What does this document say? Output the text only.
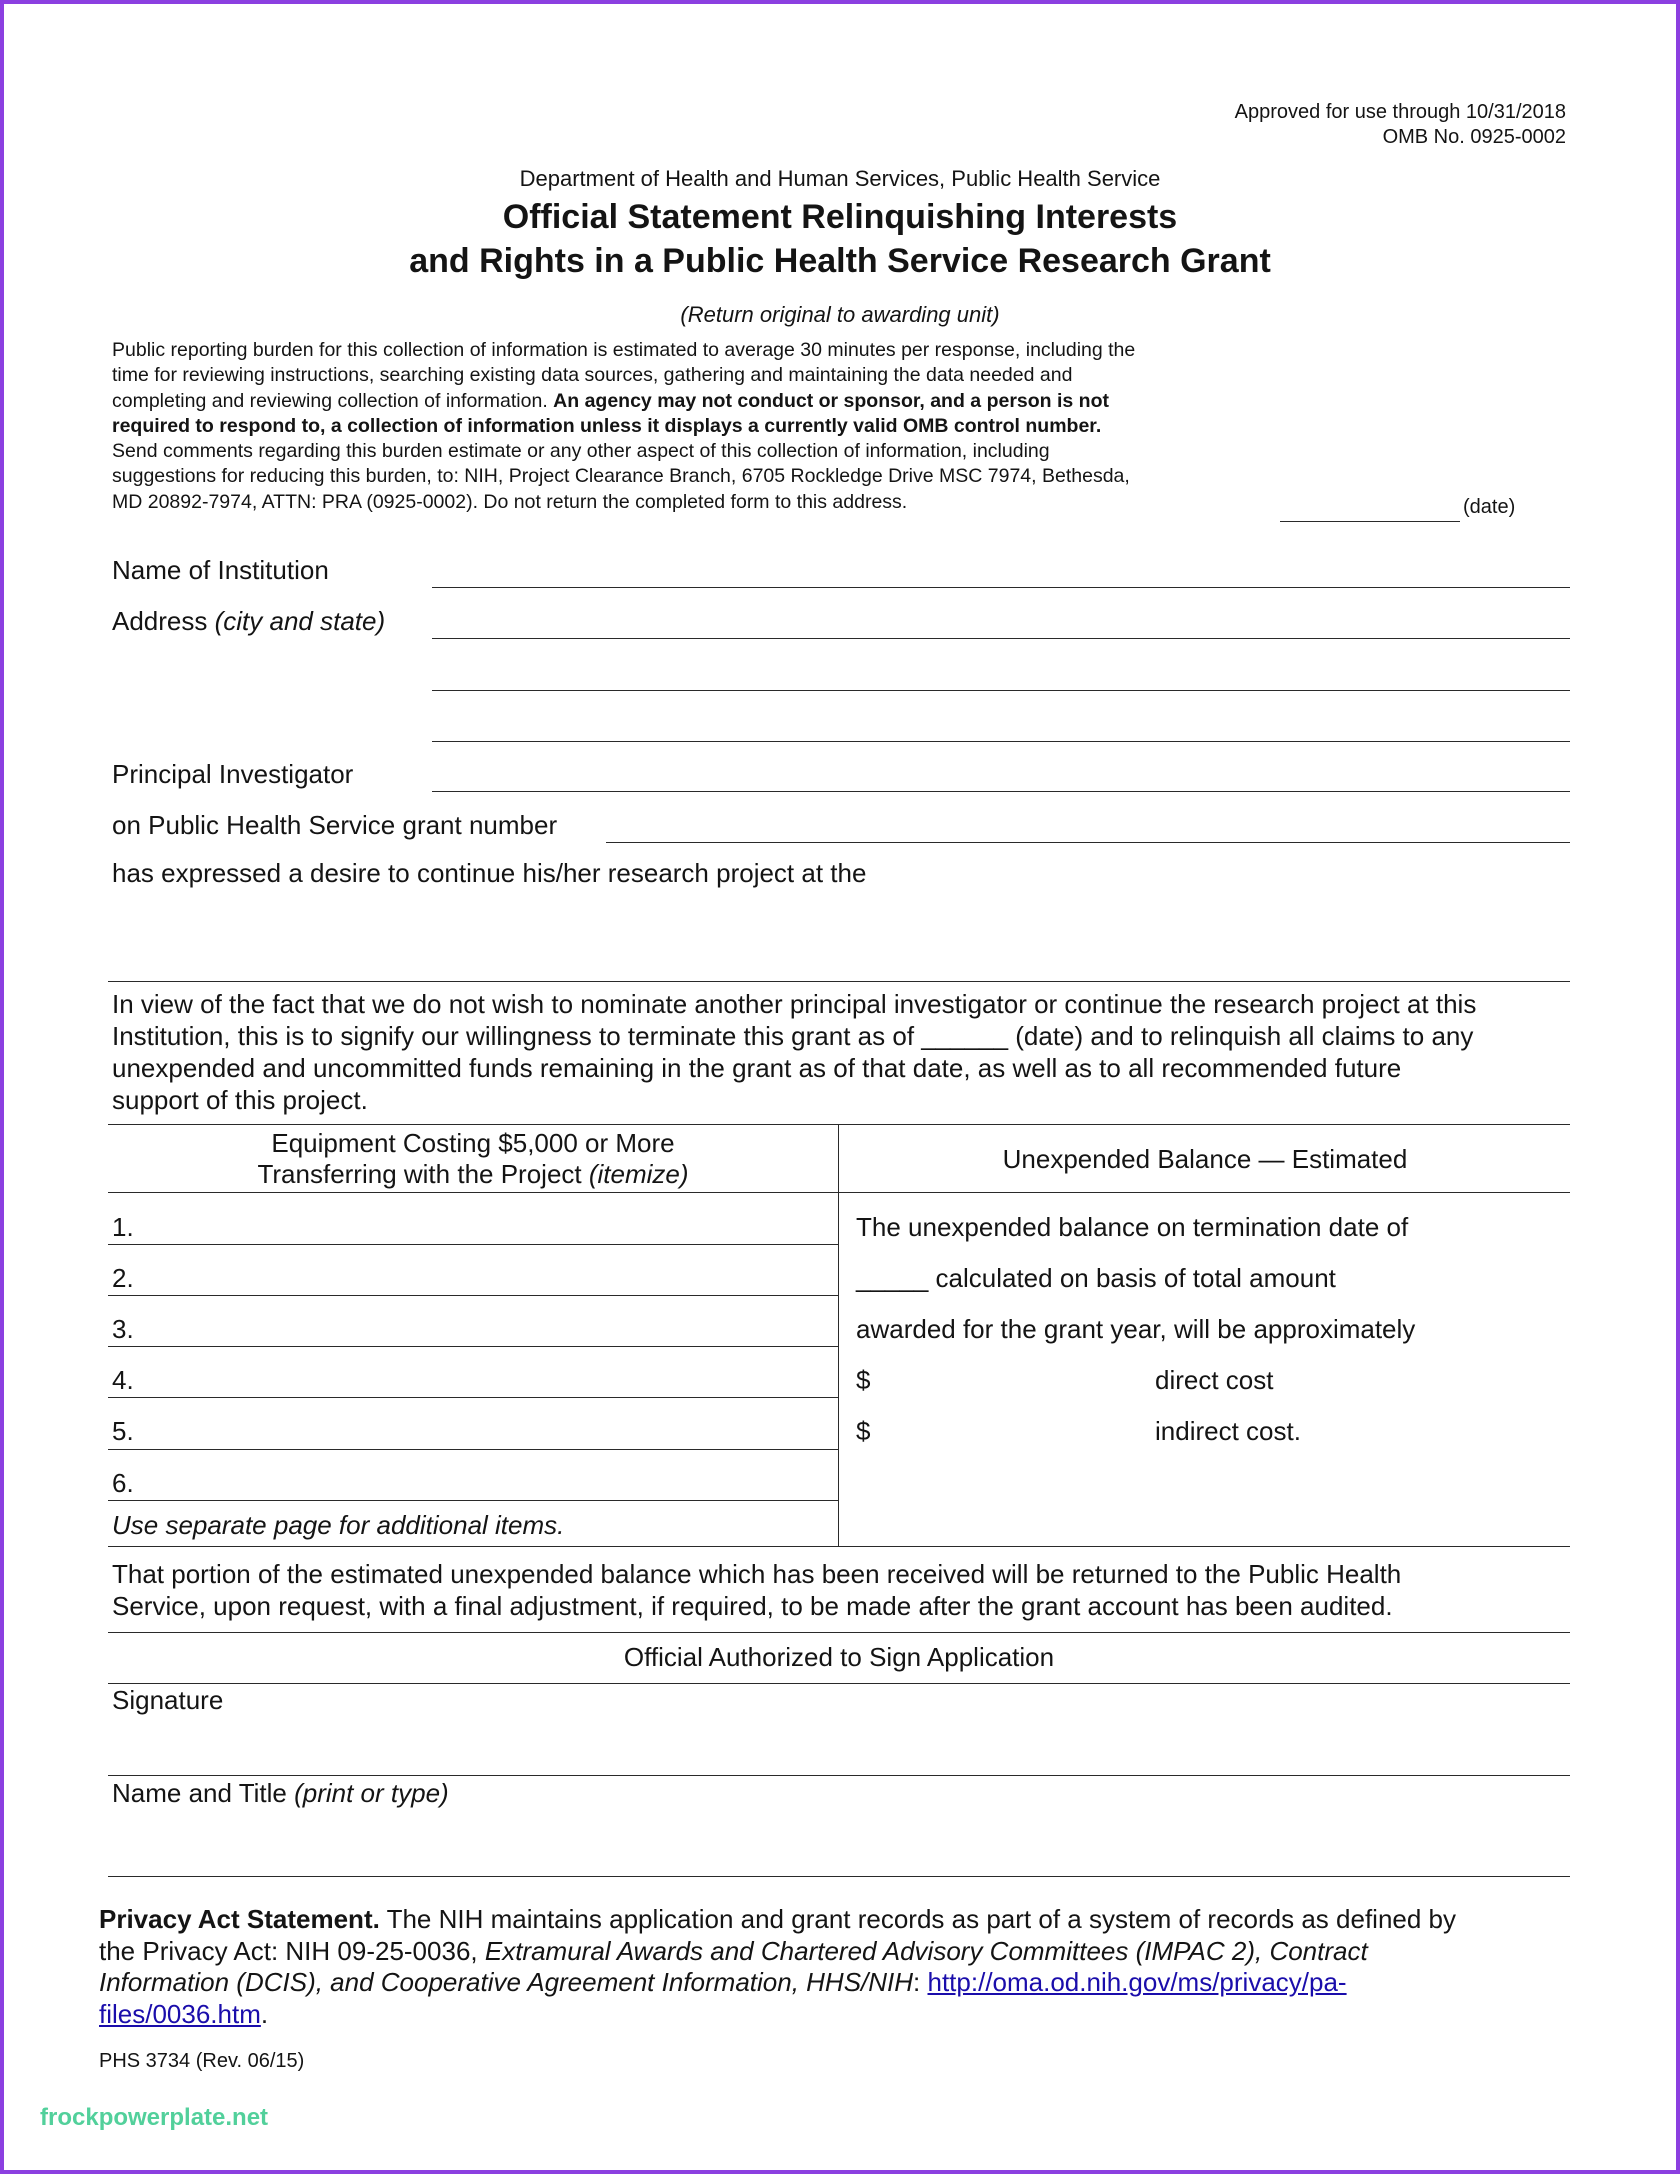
Approved for use through 10/31/2018
OMB No. 0925-0002
Department of Health and Human Services, Public Health Service
Official Statement Relinquishing Interests
and Rights in a Public Health Service Research Grant
(Return original to awarding unit)
Public reporting burden for this collection of information is estimated to average 30 minutes per response, including the
time for reviewing instructions, searching existing data sources, gathering and maintaining the data needed and
completing and reviewing collection of information. An agency may not conduct or sponsor, and a person is not
required to respond to, a collection of information unless it displays a currently valid OMB control number.
Send comments regarding this burden estimate or any other aspect of this collection of information, including
suggestions for reducing this burden, to: NIH, Project Clearance Branch, 6705 Rockledge Drive MSC 7974, Bethesda,
MD 20892-7974, ATTN: PRA (0925-0002). Do not return the completed form to this address.	(date)
Name of Institution
Address (city and state)
Principal Investigator
on Public Health Service grant number
has expressed a desire to continue his/her research project at the
In view of the fact that we do not wish to nominate another principal investigator or continue the research project at this
Institution, this is to signify our willingness to terminate this grant as of ______ (date) and to relinquish all claims to any
unexpended and uncommitted funds remaining in the grant as of that date, as well as to all recommended future
support of this project.
Equipment Costing $5,000 or More
Transferring with the Project (itemize)	Unexpended Balance — Estimated
1.
2.
3.
4.
5.
6.
Use separate page for additional items.
The unexpended balance on termination date of
_____ calculated on basis of total amount
awarded for the grant year, will be approximately
$	direct cost
$	indirect cost.
That portion of the estimated unexpended balance which has been received will be returned to the Public Health
Service, upon request, with a final adjustment, if required, to be made after the grant account has been audited.
Official Authorized to Sign Application
Signature
Name and Title (print or type)
Privacy Act Statement. The NIH maintains application and grant records as part of a system of records as defined by
the Privacy Act: NIH 09-25-0036, Extramural Awards and Chartered Advisory Committees (IMPAC 2), Contract
Information (DCIS), and Cooperative Agreement Information, HHS/NIH: http://oma.od.nih.gov/ms/privacy/pa-
files/0036.htm.
PHS 3734 (Rev. 06/15)
frockpowerplate.net
